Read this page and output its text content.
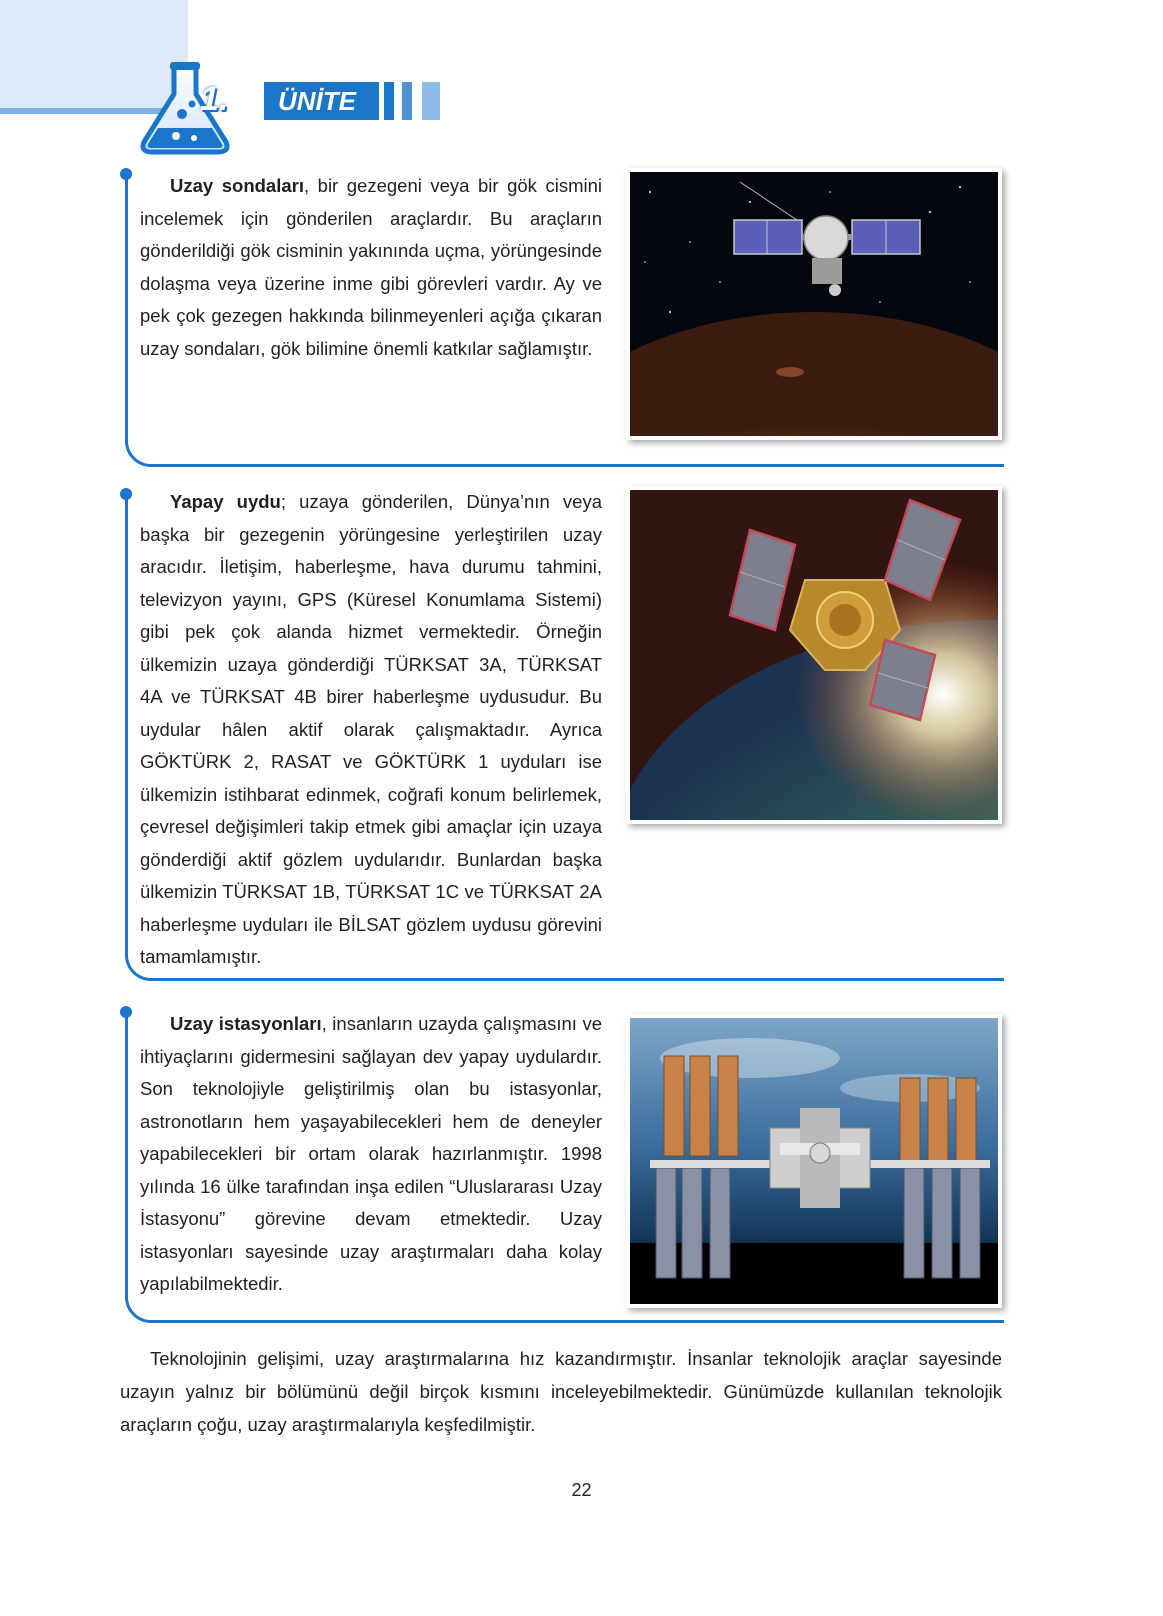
1.	ÜNİTE

Uzay sondaları, bir gezegeni veya bir gök cismini incelemek için gönderilen araçlardır. Bu araçların gönderildiği gök cisminin yakınında uçma, yörüngesinde dolaşma veya üzerine inme gibi görevleri vardır. Ay ve pek çok gezegen hakkında bilinmeyenleri açığa çıkaran uzay sondaları, gök bilimine önemli katkılar sağlamıştır.

Yapay uydu; uzaya gönderilen, Dünya’nın veya başka bir gezegenin yörüngesine yerleştirilen uzay aracıdır. İletişim, haberleşme, hava durumu tahmini, televizyon yayını, GPS (Küresel Konumlama Sistemi) gibi pek çok alanda hizmet vermektedir. Örneğin ülkemizin uzaya gönderdiği TÜRKSAT 3A, TÜRKSAT 4A ve TÜRKSAT 4B birer haberleşme uydusudur. Bu uydular hâlen aktif olarak çalışmaktadır. Ayrıca GÖKTÜRK 2, RASAT ve GÖKTÜRK 1 uyduları ise ülkemizin istihbarat edinmek, coğrafi konum belirlemek, çevresel değişimleri takip etmek gibi amaçlar için uzaya gönderdiği aktif gözlem uydularıdır. Bunlardan başka ülkemizin TÜRKSAT 1B, TÜRKSAT 1C ve TÜRKSAT 2A haberleşme uyduları ile BİLSAT gözlem uydusu görevini tamamlamıştır.

Uzay istasyonları, insanların uzayda çalışmasını ve ihtiyaçlarını gidermesini sağlayan dev yapay uydulardır. Son teknolojiyle geliştirilmiş olan bu istasyonlar, astronotların hem yaşayabilecekleri hem de deneyler yapabilecekleri bir ortam olarak hazırlanmıştır. 1998 yılında 16 ülke tarafından inşa edilen “Uluslararası Uzay İstasyonu” görevine devam etmektedir. Uzay istasyonları sayesinde uzay araştırmaları daha kolay yapılabilmektedir.

Teknolojinin gelişimi, uzay araştırmalarına hız kazandırmıştır. İnsanlar teknolojik araçlar sayesinde uzayın yalnız bir bölümünü değil birçok kısmını inceleyebilmektedir. Günümüzde kullanılan teknolojik araçların çoğu, uzay araştırmalarıyla keşfedilmiştir.

22
